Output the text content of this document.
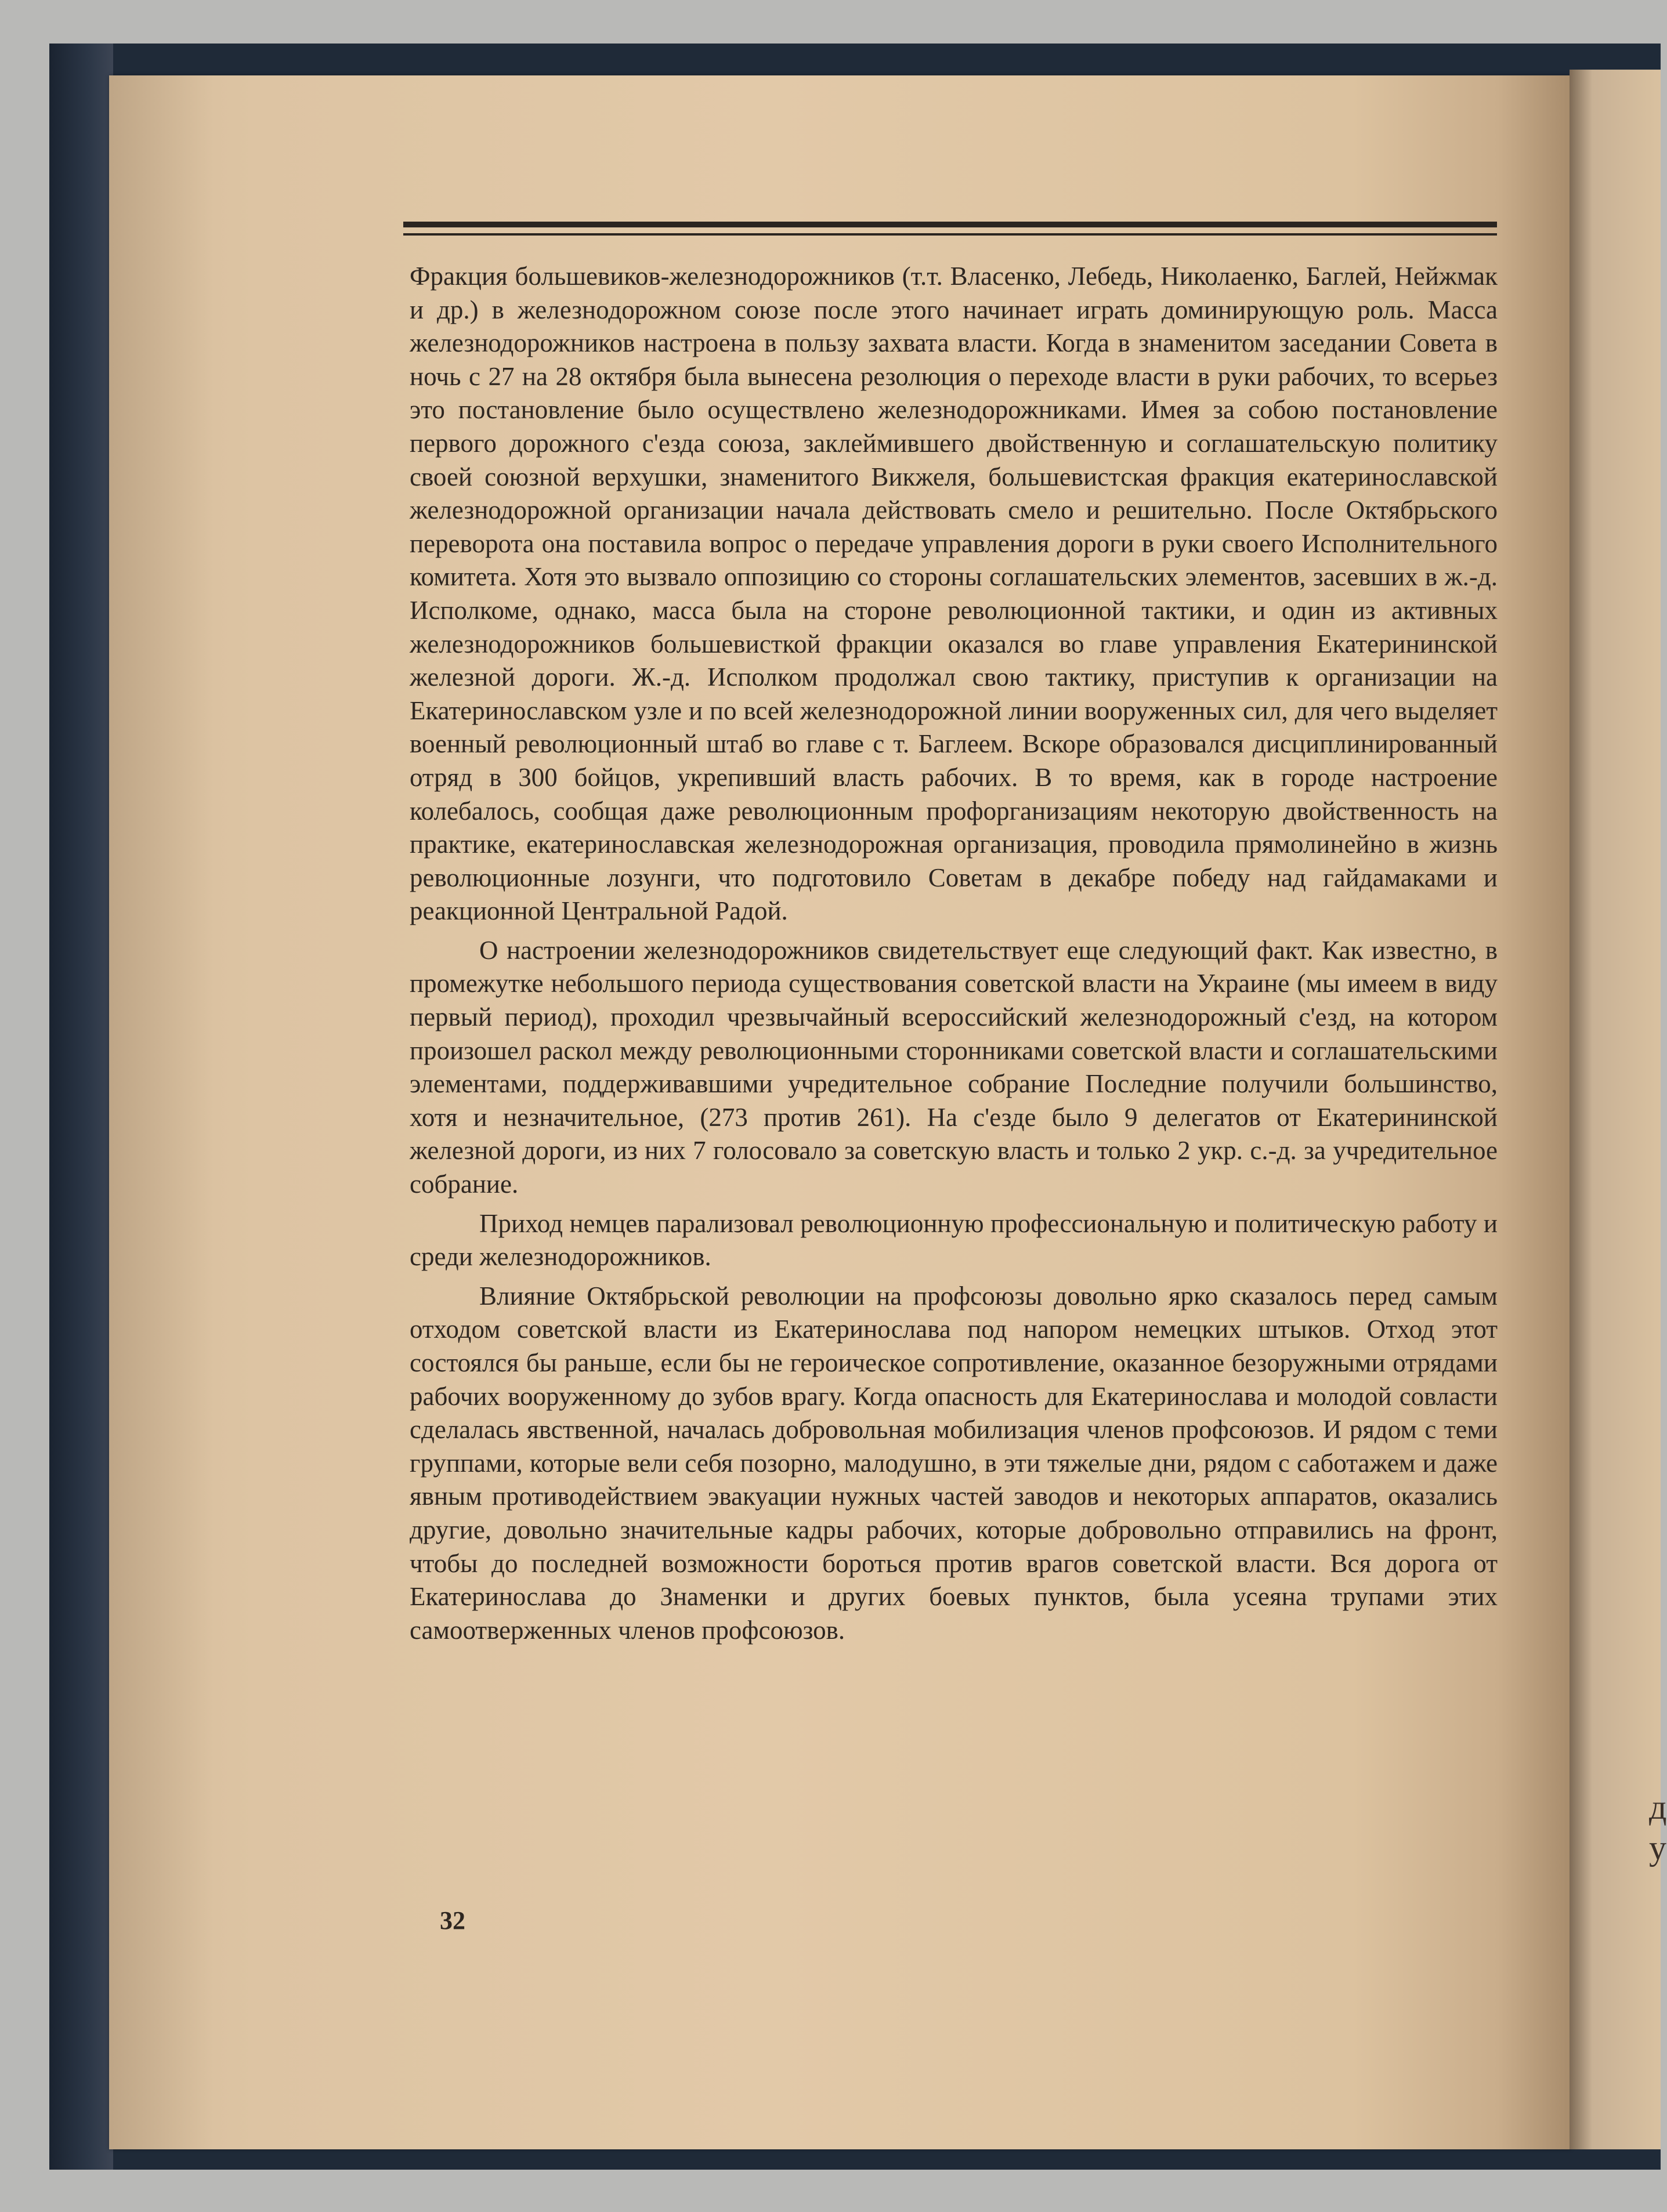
д
у

Фракция большевиков-железнодорожников (т.т. Власенко, Лебедь, Николаенко, Баглей, Нейжмак и др.) в железнодорожном союзе после этого начинает играть доминирующую роль. Масса железнодорожников настроена в пользу захвата власти. Когда в знаменитом заседании Совета в ночь с 27 на 28 октября была вынесена резолюция о переходе власти в руки рабочих, то всерьез это постановление было осуществлено железнодорожниками. Имея за собою постановление первого дорожного с'езда союза, заклеймившего двойственную и соглашательскую политику своей союзной верхушки, знаменитого Викжеля, большевистская фракция екатеринославской железнодорожной организации начала действовать смело и решительно. После Октябрьского переворота она поставила вопрос о передаче управления дороги в руки своего Исполнительного комитета. Хотя это вызвало оппозицию со стороны соглашательских элементов, засевших в ж.-д. Исполкоме, однако, масса была на стороне революционной тактики, и один из активных железнодорожников большевисткой фракции оказался во главе управления Екатерининской железной дороги. Ж.-д. Исполком продолжал свою тактику, приступив к организации на Екатеринославском узле и по всей железнодорожной линии вооруженных сил, для чего выделяет военный революционный штаб во главе с т. Баглеем. Вскоре образовался дисциплинированный отряд в 300 бойцов, укрепивший власть рабочих. В то время, как в городе настроение колебалось, сообщая даже революционным профорганизациям некоторую двойственность на практике, екатеринославская железнодорожная организация, проводила прямолинейно в жизнь революционные лозунги, что подготовило Советам в декабре победу над гайдамаками и реакционной Центральной Радой.

О настроении железнодорожников свидетельствует еще следующий факт. Как известно, в промежутке небольшого периода существования советской власти на Украине (мы имеем в виду первый период), проходил чрезвычайный всероссийский железнодорожный с'езд, на котором произошел раскол между революционными сторонниками советской власти и соглашательскими элементами, поддерживавшими учредительное собрание Последние получили большинство, хотя и незначительное, (273 против 261). На с'езде было 9 делегатов от Екатерининской железной дороги, из них 7 голосовало за советскую власть и только 2 укр. с.-д. за учредительное собрание.

Приход немцев парализовал революционную профессиональную и политическую работу и среди железнодорожников.

Влияние Октябрьской революции на профсоюзы довольно ярко сказалось перед самым отходом советской власти из Екатеринослава под напором немецких штыков. Отход этот состоялся бы раньше, если бы не героическое сопротивление, оказанное безоружными отрядами рабочих вооруженному до зубов врагу. Когда опасность для Екатеринослава и молодой совласти сделалась явственной, началась добровольная мобилизация членов профсоюзов. И рядом с теми группами, которые вели себя позорно, малодушно, в эти тяжелые дни, рядом с саботажем и даже явным противодействием эвакуации нужных частей заводов и некоторых аппаратов, оказались другие, довольно значительные кадры рабочих, которые добровольно отправились на фронт, чтобы до последней возможности бороться против врагов советской власти. Вся дорога от Екатеринослава до Знаменки и других боевых пунктов, была усеяна трупами этих самоотверженных членов профсоюзов.

32
